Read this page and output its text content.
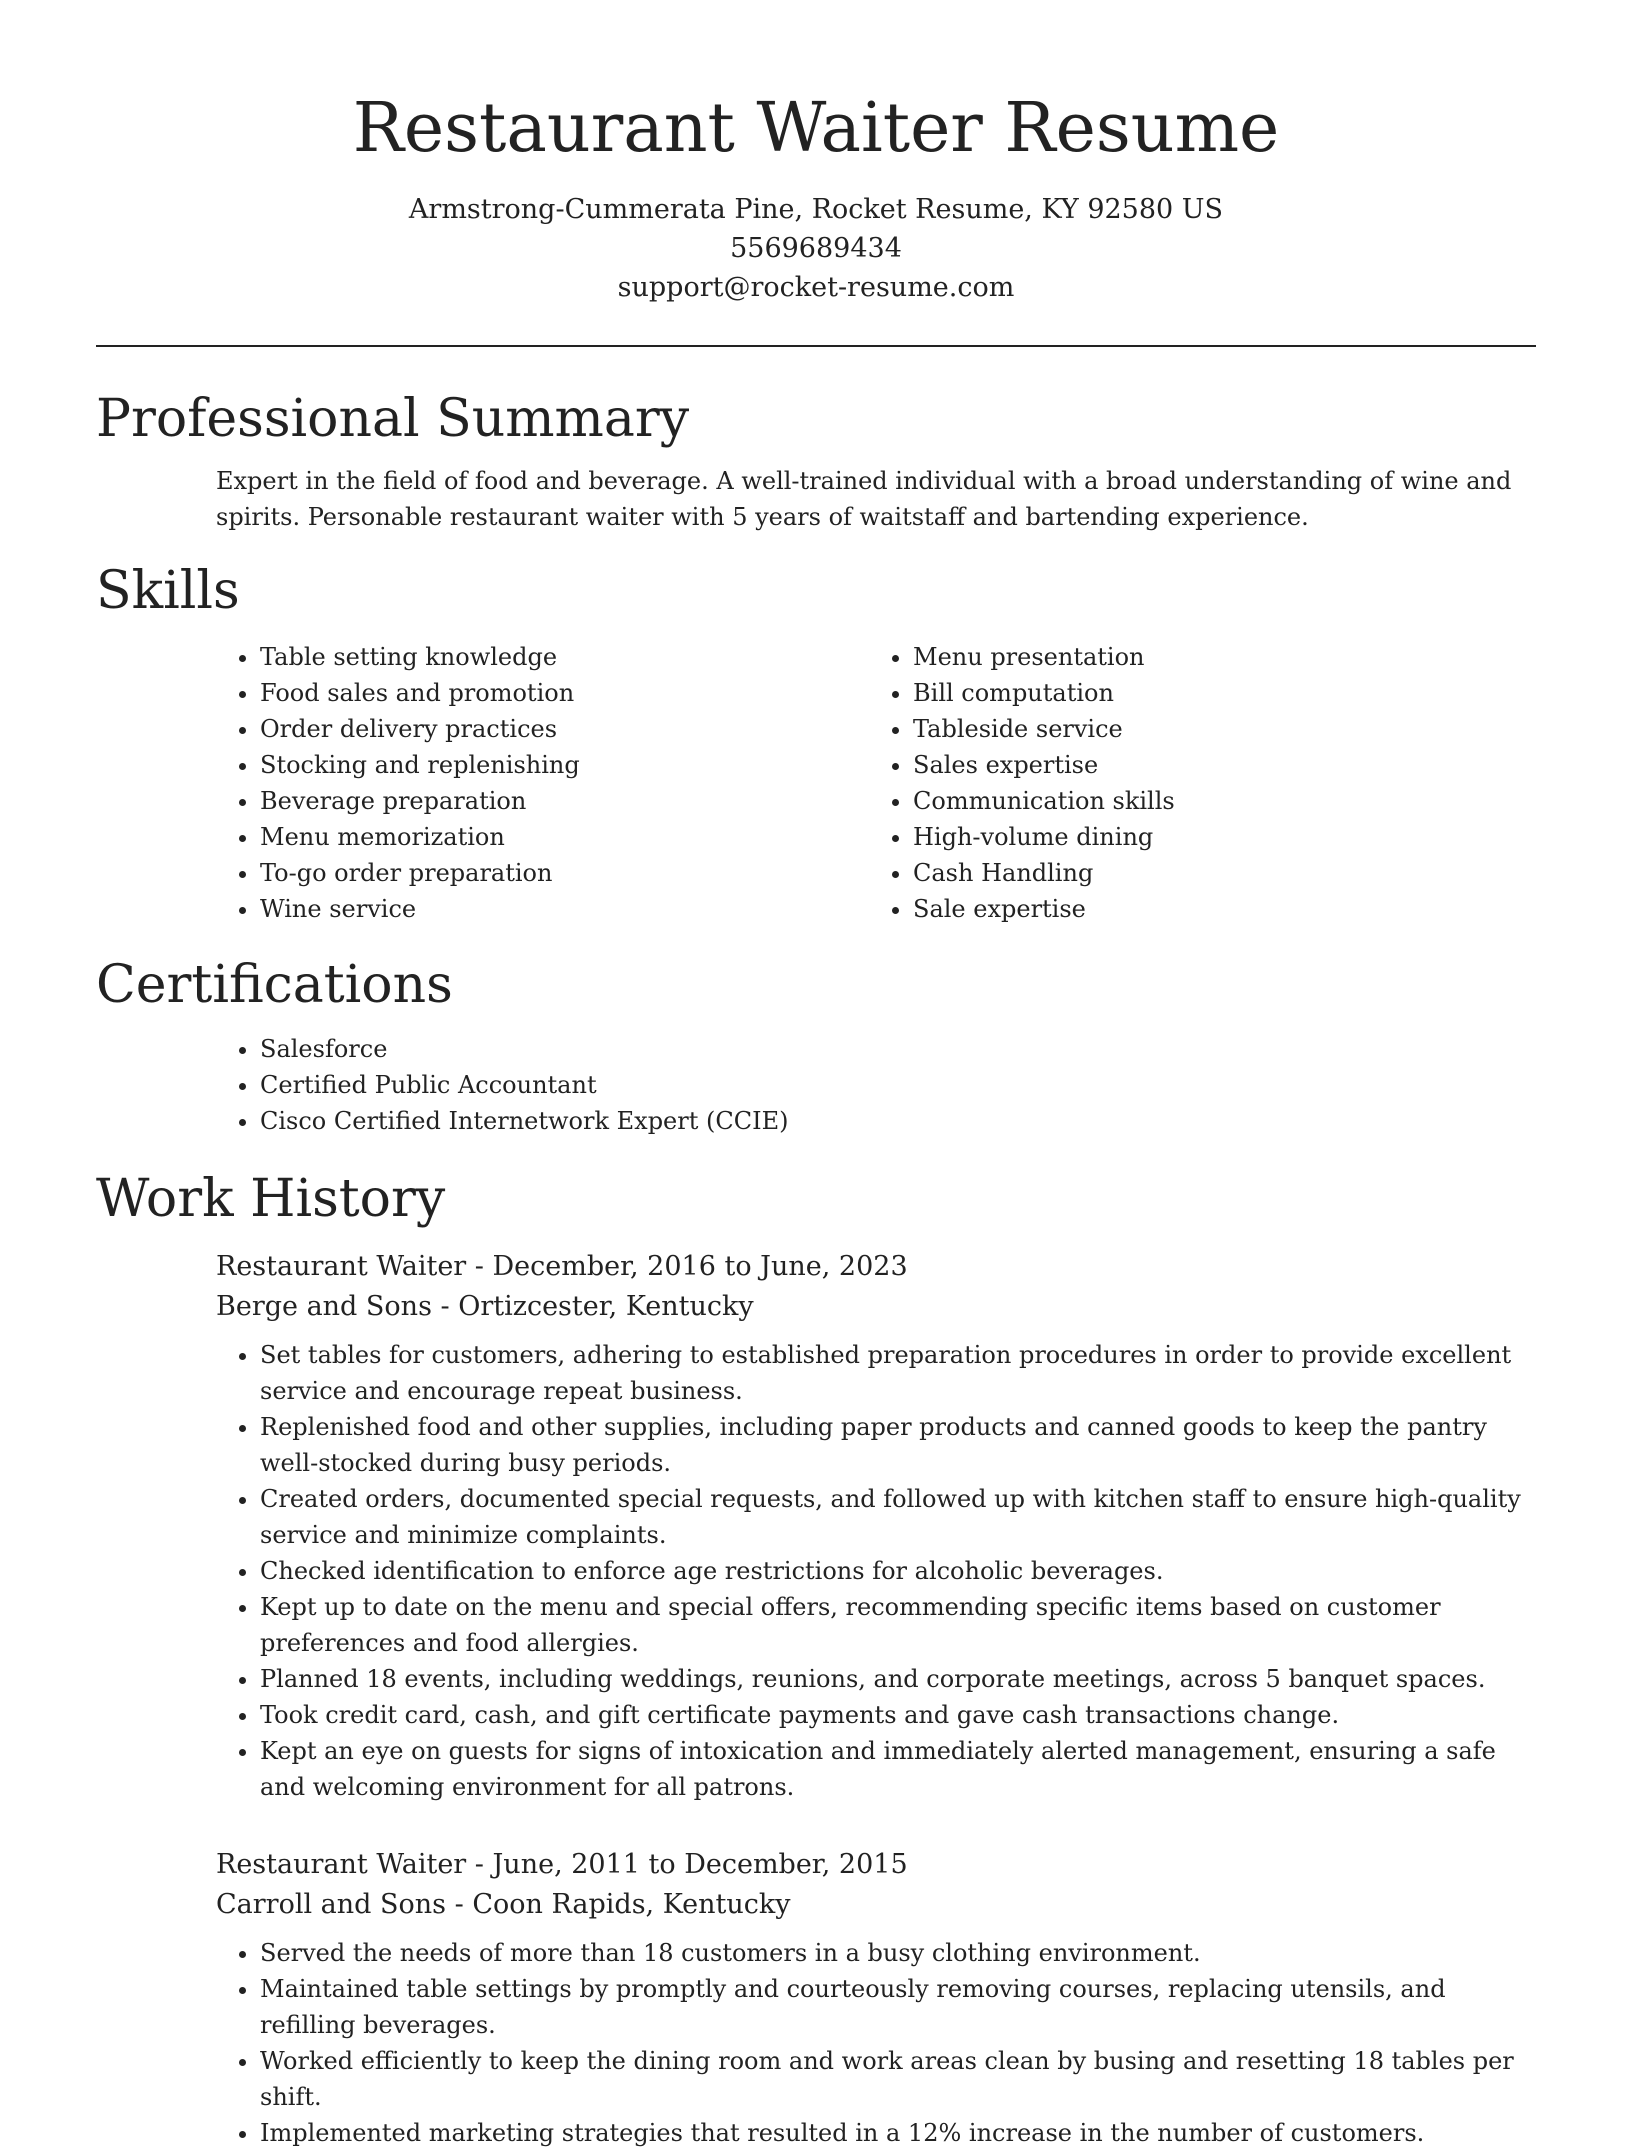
Restaurant Waiter Resume
Armstrong-Cummerata Pine, Rocket Resume, KY 92580 US
5569689434
support@rocket-resume.com
Professional Summary
Expert in the field of food and beverage. A well-trained individual with a broad understanding of wine and spirits. Personable restaurant waiter with 5 years of waitstaff and bartending experience.
Skills
• Table setting knowledge
• Food sales and promotion
• Order delivery practices
• Stocking and replenishing
• Beverage preparation
• Menu memorization
• To-go order preparation
• Wine service
• Menu presentation
• Bill computation
• Tableside service
• Sales expertise
• Communication skills
• High-volume dining
• Cash Handling
• Sale expertise
Certifications
• Salesforce
• Certified Public Accountant
• Cisco Certified Internetwork Expert (CCIE)
Work History
Restaurant Waiter - December, 2016 to June, 2023
Berge and Sons - Ortizcester, Kentucky
• Set tables for customers, adhering to established preparation procedures in order to provide excellent service and encourage repeat business.
• Replenished food and other supplies, including paper products and canned goods to keep the pantry well-stocked during busy periods.
• Created orders, documented special requests, and followed up with kitchen staff to ensure high-quality service and minimize complaints.
• Checked identification to enforce age restrictions for alcoholic beverages.
• Kept up to date on the menu and special offers, recommending specific items based on customer preferences and food allergies.
• Planned 18 events, including weddings, reunions, and corporate meetings, across 5 banquet spaces.
• Took credit card, cash, and gift certificate payments and gave cash transactions change.
• Kept an eye on guests for signs of intoxication and immediately alerted management, ensuring a safe and welcoming environment for all patrons.
Restaurant Waiter - June, 2011 to December, 2015
Carroll and Sons - Coon Rapids, Kentucky
• Served the needs of more than 18 customers in a busy clothing environment.
• Maintained table settings by promptly and courteously removing courses, replacing utensils, and refilling beverages.
• Worked efficiently to keep the dining room and work areas clean by busing and resetting 18 tables per shift.
• Implemented marketing strategies that resulted in a 12% increase in the number of customers.
